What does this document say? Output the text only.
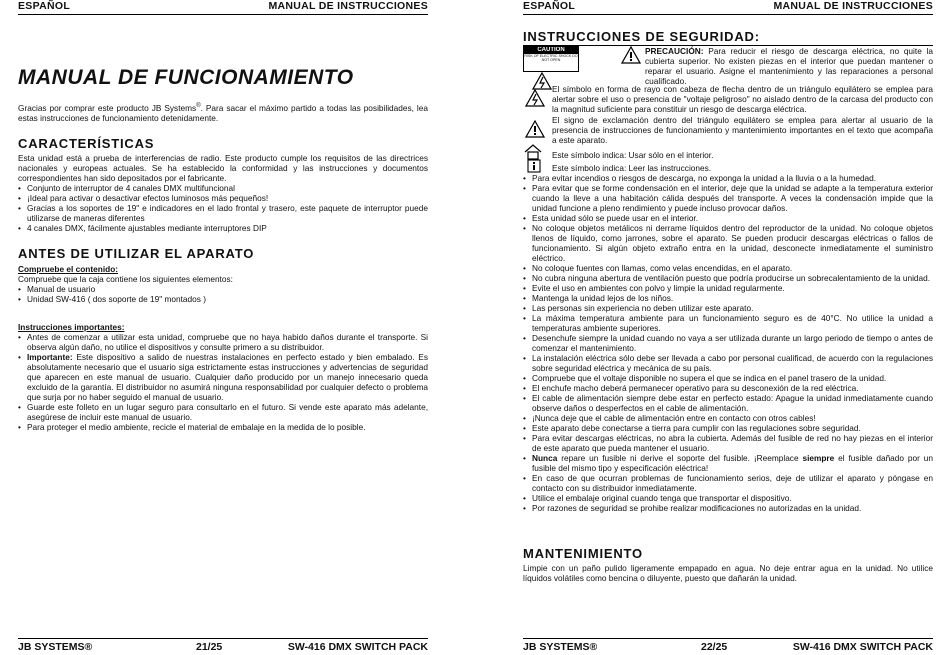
ESPAÑOL	MANUAL DE INSTRUCCIONES
MANUAL DE FUNCIONAMIENTO

Gracias por comprar este producto JB Systems®. Para sacar el máximo partido a todas las posibilidades, lea estas instrucciones de funcionamiento detenidamente.

CARACTERÍSTICAS

Esta unidad está a prueba de interferencias de radio. Este producto cumple los requisitos de las directrices nacionales y europeas actuales. Se ha establecido la conformidad y las instrucciones y documentos correspondientes han sido depositados por el fabricante.

• Conjunto de interruptor de 4 canales DMX multifuncional
• ¡Ideal para activar o desactivar efectos luminosos más pequeños!
• Gracias a los soportes de 19" e indicadores en el lado frontal y trasero, este paquete de interruptor puede utilizarse de maneras diferentes
• 4 canales DMX, fácilmente ajustables mediante interruptores DIP
ANTES DE UTILIZAR EL APARATO

Compruebe el contenido:

Compruebe que la caja contiene los siguientes elementos:

• Manual de usuario
• Unidad SW-416 ( dos soporte de 19" montados )

Instrucciones importantes:

• Antes de comenzar a utilizar esta unidad, compruebe que no haya habido daños durante el transporte. Si observa algún daño, no utilice el dispositivos y consulte primero a su distribuidor.
• Importante: Este dispositivo a salido de nuestras instalaciones en perfecto estado y bien embalado. Es absolutamente necesario que el usuario siga estrictamente estas instrucciones y advertencias de seguridad que aparecen en este manual de usuario. Cualquier daño producido por un manejo innecesario queda excluido de la garantía. El distribuidor no asumirá ninguna responsabilidad por cualquier defecto o problema que surja por no haber seguido el manual de usuario.
• Guarde este folleto en un lugar seguro para consultarlo en el futuro. Si vende este aparato más adelante, asegúrese de incluir este manual de usuario.
• Para proteger el medio ambiente, recicle el material de embalaje en la medida de lo posible.
JB SYSTEMS®	21/25	SW-416 DMX SWITCH PACK
ESPAÑOL	MANUAL DE INSTRUCCIONES
INSTRUCCIONES DE SEGURIDAD:
CAUTION
RISK OF ELECTRIC SHOCK DO NOT OPEN

PRECAUCIÓN: Para reducir el riesgo de descarga eléctrica, no quite la cubierta superior. No existen piezas en el interior que puedan mantener o reparar el usuario. Asigne el mantenimiento y las reparaciones a personal cualificado.

El símbolo en forma de rayo con cabeza de flecha dentro de un triángulo equilátero se emplea para alertar sobre el uso o presencia de "voltaje peligroso" no aislado dentro de la carcasa del producto con la magnitud suficiente para constituir un riesgo de descarga eléctrica.

El signo de exclamación dentro del triángulo equilátero se emplea para alertar al usuario de la presencia de instrucciones de funcionamiento y mantenimiento importantes en el texto que acompaña a este aparato.

Este símbolo indica: Usar sólo en el interior.

Este símbolo indica: Leer las instrucciones.

• Para evitar incendios o riesgos de descarga, no exponga la unidad a la lluvia o a la humedad.
• Para evitar que se forme condensación en el interior, deje que la unidad se adapte a la temperatura exterior cuando la lleve a una habitación cálida después del transporte. A veces la condensación impide que la unidad funcione a pleno rendimiento y puede incluso provocar daños.
• Esta unidad sólo se puede usar en el interior.
• No coloque objetos metálicos ni derrame líquidos dentro del reproductor de la unidad. No coloque objetos llenos de líquido, como jarrones, sobre el aparato. Se pueden producir descargas eléctricas o fallos de funcionamiento. Si algún objeto extraño entra en la unidad, desconecte inmediatamente el suministro eléctrico.
• No coloque fuentes con llamas, como velas encendidas, en el aparato.
• No cubra ninguna abertura de ventilación puesto que podría producirse un sobrecalentamiento de la unidad.
• Evite el uso en ambientes con polvo y limpie la unidad regularmente.
• Mantenga la unidad lejos de los niños.
• Las personas sin experiencia no deben utilizar este aparato.
• La máxima temperatura ambiente para un funcionamiento seguro es de 40°C. No utilice la unidad a temperaturas ambiente superiores.
• Desenchufe siempre la unidad cuando no vaya a ser utilizada durante un largo periodo de tiempo o antes de comenzar el mantenimiento.
• La instalación eléctrica sólo debe ser llevada a cabo por personal cualificad, de acuerdo con la regulaciones sobre seguridad eléctrica y mecánica de su país.
• Compruebe que el voltaje disponible no supera el que se indica en el panel trasero de la unidad.
• El enchufe macho deberá permanecer operativo para su desconexión de la red eléctrica.
• El cable de alimentación siempre debe estar en perfecto estado: Apague la unidad inmediatamente cuando observe daños o desperfectos en el cable de alimentación.
• ¡Nunca deje que el cable de alimentación entre en contacto con otros cables!
• Este aparato debe conectarse a tierra para cumplir con las regulaciones sobre seguridad.
• Para evitar descargas eléctricas, no abra la cubierta. Además del fusible de red no hay piezas en el interior de este aparato que pueda mantener el usuario.
• Nunca repare un fusible ni derive el soporte del fusible. ¡Reemplace siempre el fusible dañado por un fusible del mismo tipo y especificación eléctrica!
• En caso de que ocurran problemas de funcionamiento serios, deje de utilizar el aparato y póngase en contacto con su distribuidor inmediatamente.
• Utilice el embalaje original cuando tenga que transportar el dispositivo.
• Por razones de seguridad se prohibe realizar modificaciones no autorizadas en la unidad.
MANTENIMIENTO

Limpie con un paño pulido ligeramente empapado en agua. No deje entrar agua en la unidad. No utilice líquidos volátiles como bencina o diluyente, puesto que dañarán la unidad.

JB SYSTEMS®	22/25	SW-416 DMX SWITCH PACK
